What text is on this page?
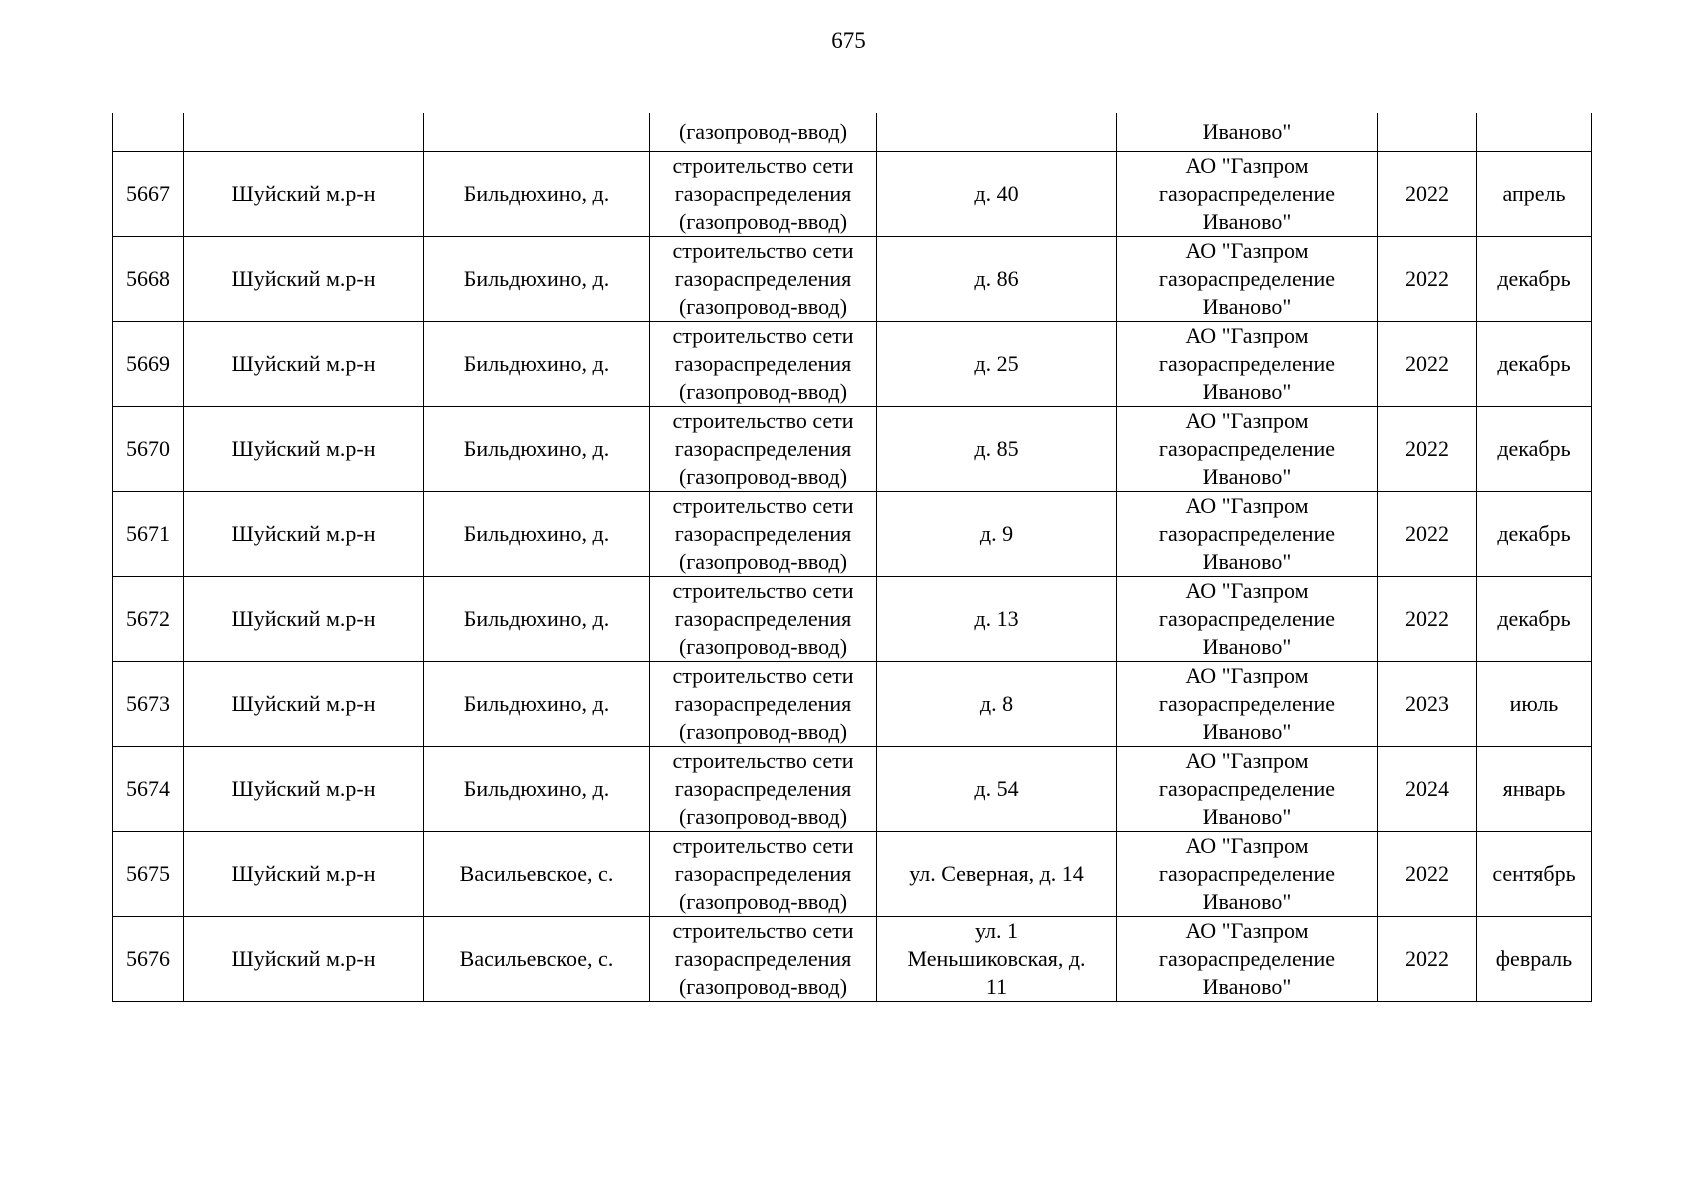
675
			(газопровод-ввод)		Иваново"		
5667	Шуйский м.р-н	Бильдюхино, д.	строительство сети
газораспределения
(газопровод-ввод)	д. 40	АО "Газпром
газораспределение
Иваново"	2022	апрель
5668	Шуйский м.р-н	Бильдюхино, д.	строительство сети
газораспределения
(газопровод-ввод)	д. 86	АО "Газпром
газораспределение
Иваново"	2022	декабрь
5669	Шуйский м.р-н	Бильдюхино, д.	строительство сети
газораспределения
(газопровод-ввод)	д. 25	АО "Газпром
газораспределение
Иваново"	2022	декабрь
5670	Шуйский м.р-н	Бильдюхино, д.	строительство сети
газораспределения
(газопровод-ввод)	д. 85	АО "Газпром
газораспределение
Иваново"	2022	декабрь
5671	Шуйский м.р-н	Бильдюхино, д.	строительство сети
газораспределения
(газопровод-ввод)	д. 9	АО "Газпром
газораспределение
Иваново"	2022	декабрь
5672	Шуйский м.р-н	Бильдюхино, д.	строительство сети
газораспределения
(газопровод-ввод)	д. 13	АО "Газпром
газораспределение
Иваново"	2022	декабрь
5673	Шуйский м.р-н	Бильдюхино, д.	строительство сети
газораспределения
(газопровод-ввод)	д. 8	АО "Газпром
газораспределение
Иваново"	2023	июль
5674	Шуйский м.р-н	Бильдюхино, д.	строительство сети
газораспределения
(газопровод-ввод)	д. 54	АО "Газпром
газораспределение
Иваново"	2024	январь
5675	Шуйский м.р-н	Васильевское, с.	строительство сети
газораспределения
(газопровод-ввод)	ул. Северная, д. 14	АО "Газпром
газораспределение
Иваново"	2022	сентябрь
5676	Шуйский м.р-н	Васильевское, с.	строительство сети
газораспределения
(газопровод-ввод)	ул. 1
Меньшиковская, д.
11	АО "Газпром
газораспределение
Иваново"	2022	февраль
